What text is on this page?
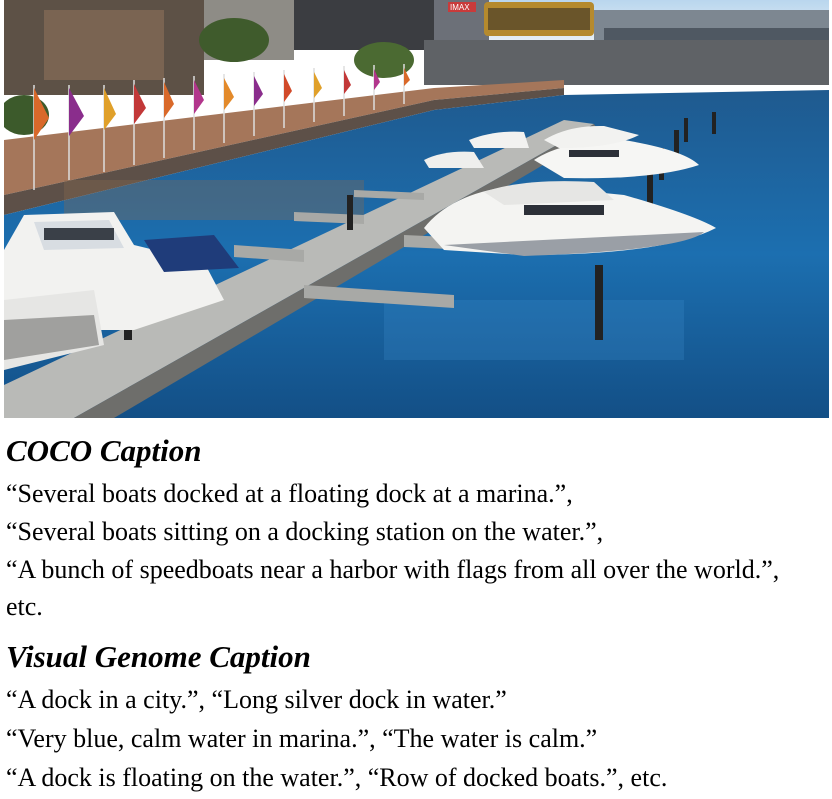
IMAX
COCO Caption

“Several boats docked at a floating dock at a marina.”,

“Several boats sitting on a docking station on the water.”,

“A bunch of speedboats near a harbor with flags from all over the world.”, etc.

Visual Genome Caption

“A dock in a city.”, “Long silver dock in water.”

“Very blue, calm water in marina.”, “The water is calm.”

“A dock is floating on the water.”, “Row of docked boats.”, etc.
